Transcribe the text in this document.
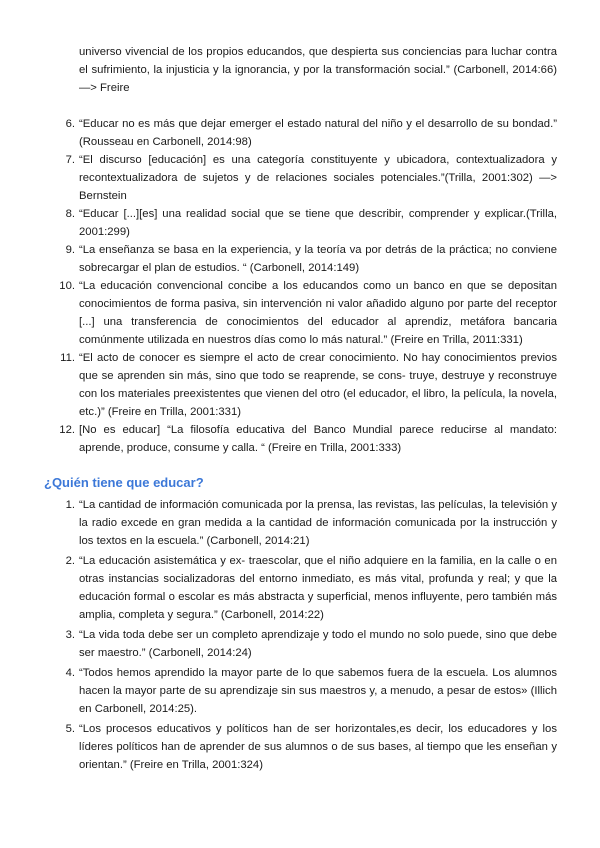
universo vivencial de los propios educandos, que despierta sus conciencias para luchar contra el sufrimiento, la injusticia y la ignorancia, y por la transformación social.” (Carbonell, 2014:66) —> Freire
6. “Educar no es más que dejar emerger el estado natural del niño y el desarrollo de su bondad.” (Rousseau en Carbonell, 2014:98)
7. “El discurso [educación] es una categoría constituyente y ubicadora, contextualizadora y recontextualizadora de sujetos y de relaciones sociales potenciales.”(Trilla, 2001:302) —> Bernstein
8. “Educar [...][es] una realidad social que se tiene que describir, comprender y explicar.(Trilla, 2001:299)
9. “La enseñanza se basa en la experiencia, y la teoría va por detrás de la práctica; no conviene sobrecargar el plan de estudios. “ (Carbonell, 2014:149)
10. “La educación convencional concibe a los educandos como un banco en que se depositan conocimientos de forma pasiva, sin intervención ni valor añadido alguno por parte del receptor [...] una transferencia de conocimientos del educador al aprendiz, metáfora bancaria comúnmente utilizada en nuestros días como lo más natural.” (Freire en Trilla, 2011:331)
11. “El acto de conocer es siempre el acto de crear conocimiento. No hay conocimientos previos que se aprenden sin más, sino que todo se reaprende, se cons- truye, destruye y reconstruye con los materiales preexistentes que vienen del otro (el educador, el libro, la película, la novela, etc.)” (Freire en Trilla, 2001:331)
12. [No es educar] “La filosofía educativa del Banco Mundial parece reducirse al mandato: aprende, produce, consume y calla. “ (Freire en Trilla, 2001:333)
¿Quién tiene que educar?
1. “La cantidad de información comunicada por la prensa, las revistas, las películas, la televisión y la radio excede en gran medida a la cantidad de información comunicada por la instrucción y los textos en la escuela.” (Carbonell, 2014:21)
2. “La educación asistemática y ex- traescolar, que el niño adquiere en la familia, en la calle o en otras instancias socializadoras del entorno inmediato, es más vital, profunda y real; y que la educación formal o escolar es más abstracta y superficial, menos influyente, pero también más amplia, completa y segura.” (Carbonell, 2014:22)
3. “La vida toda debe ser un completo aprendizaje y todo el mundo no solo puede, sino que debe ser maestro.” (Carbonell, 2014:24)
4. “Todos hemos aprendido la mayor parte de lo que sabemos fuera de la escuela. Los alumnos hacen la mayor parte de su aprendizaje sin sus maestros y, a menudo, a pesar de estos» (Illich en Carbonell, 2014:25).
5. “Los procesos educativos y políticos han de ser horizontales,es decir, los educadores y los líderes políticos han de aprender de sus alumnos o de sus bases, al tiempo que les enseñan y orientan.” (Freire en Trilla, 2001:324)
